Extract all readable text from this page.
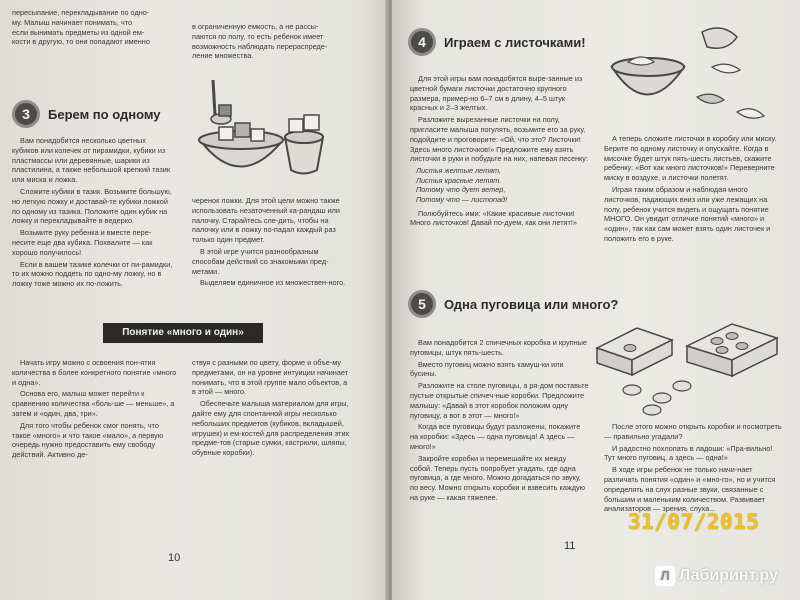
пересыпание, перекладывание по одно-
му. Малыш начинает понимать, что
если вынимать предметы из одной ем-
кости в другую, то они попадают именно
в ограниченную емкость, а не рассы-
паются по полу, то есть ребенок имеет
возможность наблюдать перераспреде-
ление множества.
3	Берем по одному

Вам понадобится несколько цветных кубиков или колечек от пирамидки, кубики из пластмассы или деревянные, шарики из пластилина, а также небольшой крепкий тазик или миска и ложка.

Сложите кубики в тазик. Возьмите большую, но легкую ложку и доставай-те кубики ложкой по одному из тазика. Положите один кубик на ложку и перекладывайте в ведерко.

Возьмите руку ребенка и вместе пере-несите еще два кубика. Похвалите — как хорошо получилось!

Если в вашем тазике колечки от пи-рамидки, то их можно поддеть по одно-му ложку, но в ложку тоже можно их по-ложить.

черенок ложки. Для этой цели можно также использовать незаточенный ка-рандаш или палочку. Старайтесь сле-дить, чтобы на палочку или в ложку по-падал каждый раз только один предмет.

В этой игре учится разнообразным способам действий со знакомыми пред-метами.

Выделяем единичное из множествен-ного.

Понятие «много и один»

Начать игру можно с освоения пон-ятия количества в более конкретного понятие «много и одна».

Основа его, малыш может перейти к сравнению количества «боль-ше — меньше», а затем и «один, два, три».

Для того чтобы ребенок смог понять, что такое «много» и что такое «мало», а первую очередь нужно предоставить ему свободу действий. Активно де-

ствуя с разными по цвету, форме и объе-му предметами, он на уровне интуиции начинает понимать, что в этой группе мало объектов, а в этой — много.

Обеспечьте малыша материалом для игры, дайте ему для спонтанной игры несколько небольших предметов (кубиков, вкладышей, игрушек) и ем-костей для распределения этих предме-тов (старые сумки, кастрюли, шляпы, обувные коробки).

10
4	Играем с листочками!

Для этой игры вам понадобятся выре-занные из цветной бумаги листочки достаточно крупного размера, пример-но 6–7 см в длину, 4–5 штук красных и 2–3 желтых.

Разложите вырезанные листочки на полу, пригласите малыша погулять, возьмите его за руку, подойдите и проговорите: «Ой, что это? Листочки! Здесь много листочков!» Предложите ему взять листочки в руки и побудьте на них, напевая песенку:

Листья желтые летят,
Листья красные летят.
Потому что дует ветер,
Потому что — листопад!

Полюбуйтесь ими: «Какие красивые листочки! Много листочков! Давай по-дуем, как они летят!»

А теперь сложите листочки в коробку или миску. Берите по одному листочку и опускайте. Когда в мисочке будет штук пять-шесть листьев, скажите ребенку: «Вот как много листочков!» Переверните миску в воздухе, и листочки полетят.

Играя таким образом и наблюдая много листочков, падающих вниз или уже лежащих на полу, ребенок учится видеть и ощущать понятие МНОГО. Он увидит отличие понятий «много» и «один», так как сам может взять один листочек и положить его в руке.

5	Одна пуговица или много?

Вам понадобится 2 спичечных коробка и крупные пуговицы, штук пять-шесть.

Вместо пуговиц можно взять камуш-ки или бусины.

Разложите на столе пуговицы, а ря-дом поставьте пустые открытые спичеч-ные коробки. Предложите малышу: «Давай в этот коробок положим одну пуговицу, а вот в этот — много!»

Когда все пуговицы будут разложены, покажите на коробки: «Здесь — одна пуговица! А здесь — много!»

Закройте коробки и перемешайте их между собой. Теперь пусть попробует угадать, где одна пуговица, а где много. Можно догадаться по звуку, по весу. Можно открыть коробки и взвесить каждую на руке — какая тяжелее.

После этого можно открыть коробки и посмотреть — правильно угадали?

И радостно похлопать в ладоши: «Пра-вильно! Тут много пуговиц, а здесь — одна!»

В ходе игры ребенок не только начи-нает различать понятия «один» и «мно-го», но и учится определять на слух разные звуки, связанные с большим и маленьким количеством. Развивает анализаторов — зрения, слуха...

11
31/07/2015
Л Лабиринт.ру
